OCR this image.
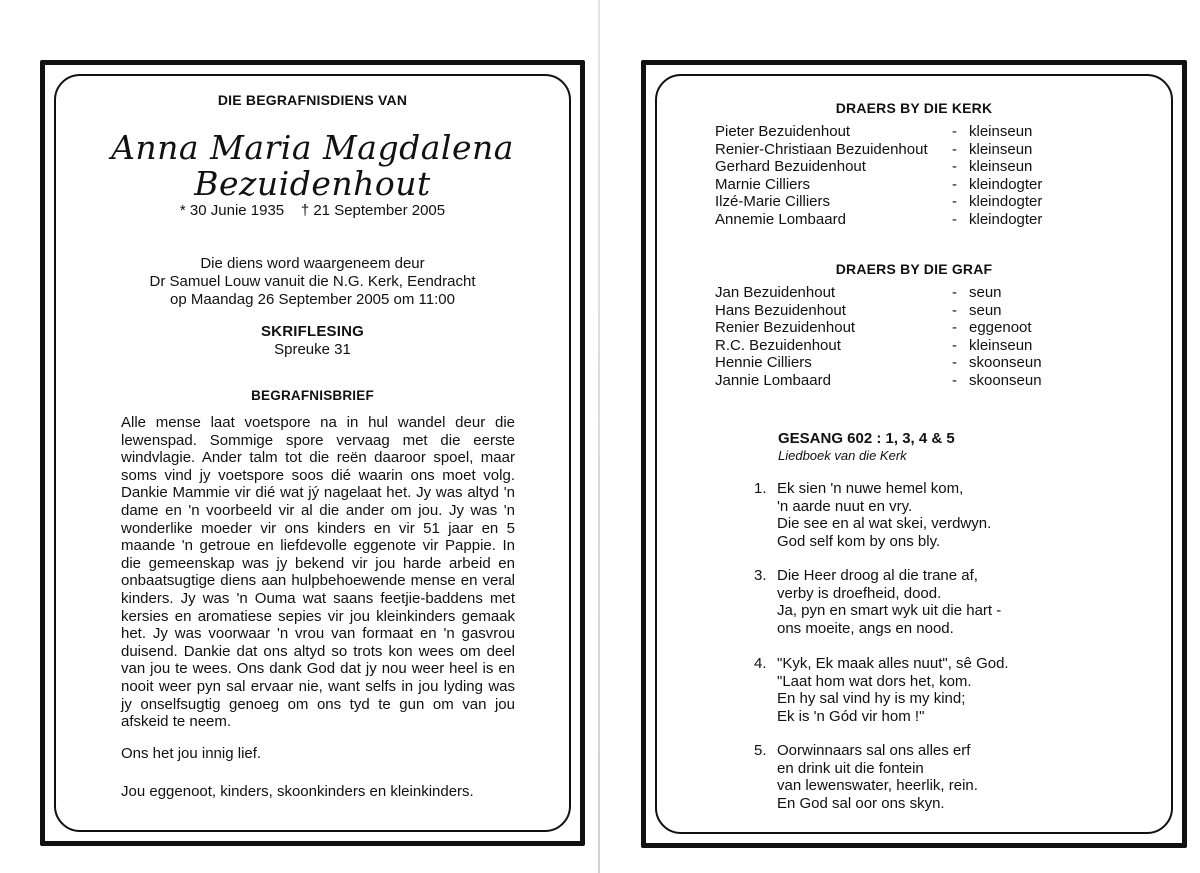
DIE BEGRAFNISDIENS VAN
Anna Maria Magdalena
Bezuidenhout
* 30 Junie 1935 † 21 September 2005
Die diens word waargeneem deur
Dr Samuel Louw vanuit die N.G. Kerk, Eendracht
op Maandag 26 September 2005 om 11:00
SKRIFLESING
Spreuke 31
BEGRAFNISBRIEF
Alle mense laat voetspore na in hul wandel deur die lewenspad. Sommige spore vervaag met die eerste windvlagie. Ander talm tot die reën daaroor spoel, maar soms vind jy voetspore soos dié waarin ons moet volg. Dankie Mammie vir dié wat jý nagelaat het. Jy was altyd 'n dame en 'n voorbeeld vir al die ander om jou. Jy was 'n wonderlike moeder vir ons kinders en vir 51 jaar en 5 maande 'n getroue en liefdevolle eggenote vir Pappie. In die gemeenskap was jy bekend vir jou harde arbeid en onbaatsugtige diens aan hulpbehoewende mense en veral kinders. Jy was 'n Ouma wat saans feetjie-baddens met kersies en aromatiese sepies vir jou kleinkinders gemaak het. Jy was voorwaar 'n vrou van formaat en 'n gasvrou duisend. Dankie dat ons altyd so trots kon wees om deel van jou te wees. Ons dank God dat jy nou weer heel is en nooit weer pyn sal ervaar nie, want selfs in jou lyding was jy onselfsugtig genoeg om ons tyd te gun om van jou afskeid te neem.
Ons het jou innig lief.
Jou eggenoot, kinders, skoonkinders en kleinkinders.
DRAERS BY DIE KERK
Pieter Bezuidenhout	- kleinseun
Renier-Christiaan Bezuidenhout - kleinseun
Gerhard Bezuidenhout	- kleinseun
Marnie Cilliers	- kleindogter
Ilzé-Marie Cilliers	- kleindogter
Annemie Lombaard	- kleindogter
DRAERS BY DIE GRAF
Jan Bezuidenhout	- seun
Hans Bezuidenhout	- seun
Renier Bezuidenhout	- eggenoot
R.C. Bezuidenhout	- kleinseun
Hennie Cilliers	- skoonseun
Jannie Lombaard	- skoonseun
GESANG 602 : 1, 3, 4 & 5
Liedboek van die Kerk
1. Ek sien 'n nuwe hemel kom,
'n aarde nuut en vry.
Die see en al wat skei, verdwyn.
God self kom by ons bly.
3. Die Heer droog al die trane af,
verby is droefheid, dood.
Ja, pyn en smart wyk uit die hart -
ons moeite, angs en nood.
4. "Kyk, Ek maak alles nuut", sê God.
"Laat hom wat dors het, kom.
En hy sal vind hy is my kind;
Ek is 'n Gód vir hom !"
5. Oorwinnaars sal ons alles erf
en drink uit die fontein
van lewenswater, heerlik, rein.
En God sal oor ons skyn.
